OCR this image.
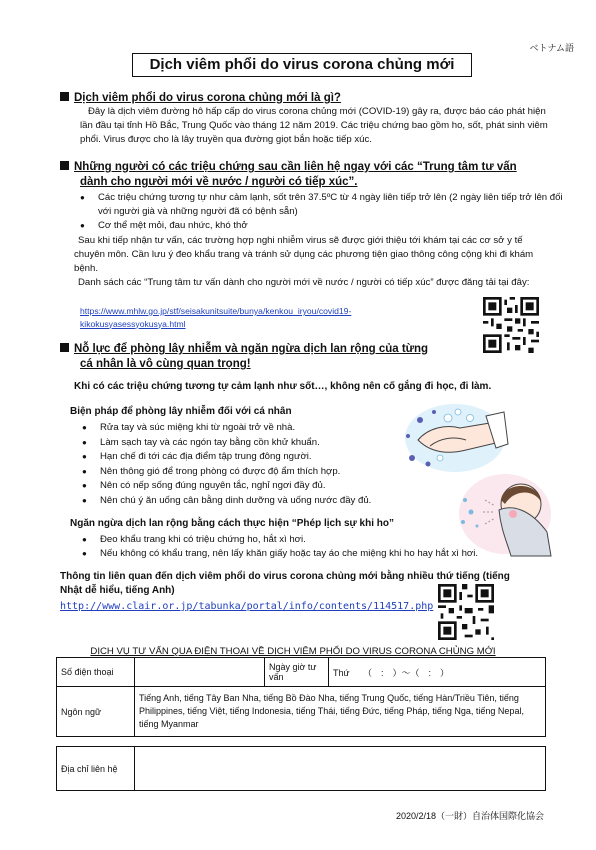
ベトナム語
Dịch viêm phổi do virus corona chủng mới
Dịch viêm phổi do virus corona chủng mới là gì?
Đây là dịch viêm đường hô hấp cấp do virus corona chủng mới (COVID-19) gây ra, được báo cáo phát hiện lần đầu tại tỉnh Hồ Bắc, Trung Quốc vào tháng 12 năm 2019. Các triệu chứng bao gồm ho, sốt, phát sinh viêm phổi. Virus được cho là lây truyền qua đường giọt bắn hoặc tiếp xúc.
Những người có các triệu chứng sau cần liên hệ ngay với các “Trung tâm tư vấn
dành cho người mới về nước / người có tiếp xúc”.
● Các triệu chứng tương tự như cảm lạnh, sốt trên 37.5ºC từ 4 ngày liên tiếp trở lên (2 ngày liên tiếp trở lên đối với người già và những người đã có bệnh sẵn)
● Cơ thể mệt mỏi, đau nhức, khó thở
Sau khi tiếp nhận tư vấn, các trường hợp nghi nhiễm virus sẽ được giới thiệu tới khám tại các cơ sở y tế chuyên môn. Cần lưu ý đeo khẩu trang và tránh sử dụng các phương tiện giao thông công cộng khi đi khám bệnh.
Danh sách các “Trung tâm tư vấn dành cho người mới về nước / người có tiếp xúc” được đăng tải tại đây:
https://www.mhlw.go.jp/stf/seisakunitsuite/bunya/kenkou_iryou/covid19-
kikokusyasessyokusya.html
Nỗ lực để phòng lây nhiễm và ngăn ngừa dịch lan rộng của từng
cá nhân là vô cùng quan trọng!
Khi có các triệu chứng tương tự cảm lạnh như sốt…, không nên cố gắng đi học, đi làm.
Biện pháp để phòng lây nhiễm đối với cá nhân
● Rửa tay và súc miệng khi từ ngoài trở về nhà.
● Làm sạch tay và các ngón tay bằng cồn khử khuẩn.
● Hạn chế đi tới các địa điểm tập trung đông người.
● Nên thông gió để trong phòng có được độ ẩm thích hợp.
● Nên có nếp sống đúng nguyên tắc, nghỉ ngơi đầy đủ.
● Nên chú ý ăn uống cân bằng dinh dưỡng và uống nước đầy đủ.
Ngăn ngừa dịch lan rộng bằng cách thực hiện “Phép lịch sự khi ho”
● Đeo khẩu trang khi có triệu chứng ho, hắt xì hơi.
● Nếu không có khẩu trang, nên lấy khăn giấy hoặc tay áo che miệng khi ho hay hắt xì hơi.
Thông tin liên quan đến dịch viêm phổi do virus corona chủng mới bằng nhiều thứ tiếng (tiếng
Nhật dễ hiểu, tiếng Anh)
http://www.clair.or.jp/tabunka/portal/info/contents/114517.php
DỊCH VỤ TƯ VẤN QUA ĐIỆN THOẠI VỀ DỊCH VIÊM PHỔI DO VIRUS CORONA CHỦNG MỚI
Số điện thoại		Ngày giờ tư vấn	Thứ　　（　:　）〜（　:　）
Ngôn ngữ	Tiếng Anh, tiếng Tây Ban Nha, tiếng Bồ Đào Nha, tiếng Trung Quốc, tiếng Hàn/Triều Tiên, tiếng Philippines, tiếng Việt, tiếng Indonesia, tiếng Thái, tiếng Đức, tiếng Pháp, tiếng Nga, tiếng Nepal, tiếng Myanmar		

Địa chỉ liên hệ			
2020/2/18（一財）自治体国際化協会
